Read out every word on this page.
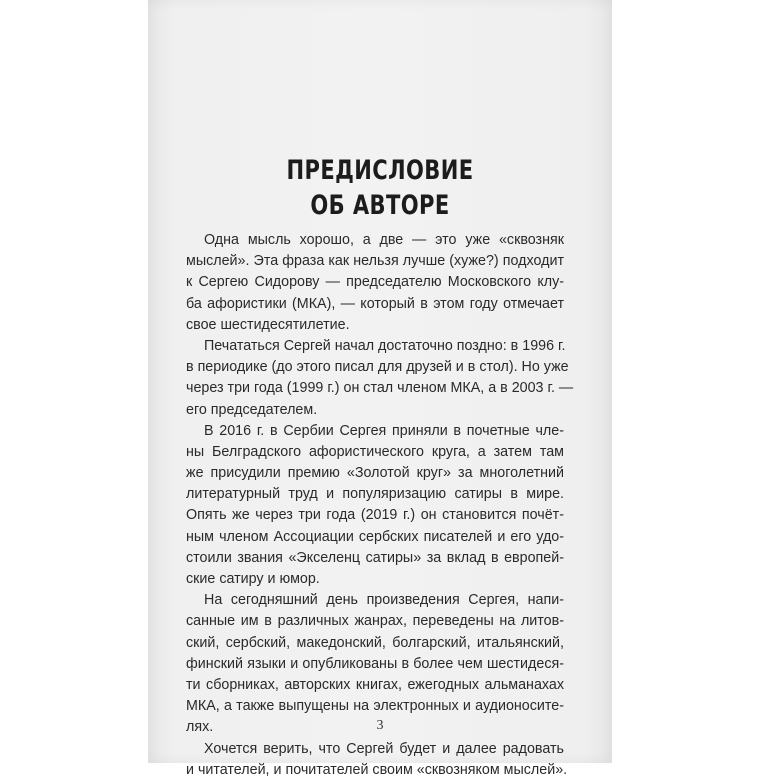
ПРЕДИСЛОВИЕ
ОБ АВТОРЕ
Одна мысль хорошо, а две — это уже «сквозняк
мыслей». Эта фраза как нельзя лучше (хуже?) подходит
к Сергею Сидорову — председателю Московского клу-
ба афористики (МКА), — который в этом году отмечает
свое шестидесятилетие.
Печататься Сергей начал достаточно поздно: в 1996 г.
в периодике (до этого писал для друзей и в стол). Но уже
через три года (1999 г.) он стал членом МКА, а в 2003 г. —
его председателем.
В 2016 г. в Сербии Сергея приняли в почетные чле-
ны Белградского афористического круга, а затем там
же присудили премию «Золотой круг» за многолетний
литературный труд и популяризацию сатиры в мире.
Опять же через три года (2019 г.) он становится почёт-
ным членом Ассоциации сербских писателей и его удо-
стоили звания «Экселенц сатиры» за вклад в европей-
ские сатиру и юмор.
На сегодняшний день произведения Сергея, напи-
санные им в различных жанрах, переведены на литов-
ский, сербский, македонский, болгарский, итальянский,
финский языки и опубликованы в более чем шестидеся-
ти сборниках, авторских книгах, ежегодных альманахах
МКА, а также выпущены на электронных и аудионосите-
лях.
Хочется верить, что Сергей будет и далее радовать
и читателей, и почитателей своим «сквозняком мыслей».
3
